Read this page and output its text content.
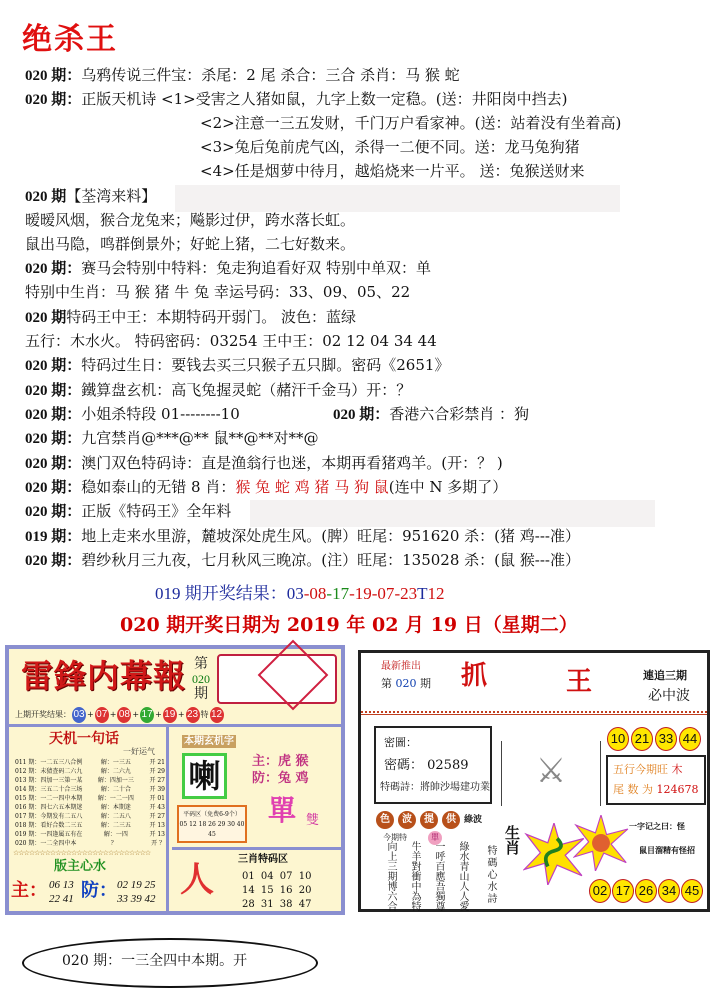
绝杀王
020 期：乌鸦传说三件宝：杀尾：2 尾 杀合：三合 杀肖：马 猴 蛇
020 期：正版天机诗 <1>受害之人猪如鼠，九字上数一定稳。(送：井阳岗中挡去)
<2>注意一三五发财，千门万户看家神。(送：站着没有坐着高)
<3>兔后兔前虎气凶，杀得一二便不同。送：龙马兔狗猪
<4>任是烟萝中待月，越焰烧来一片平。 送：兔猴送财来
020 期【荃湾来料】
暧暧风烟，猴合龙兔来；飚影过伊，跨水落长虹。
鼠出马隐，鸣群倒景外；好蛇上猪，二七好数来。
020 期：赛马会特别中特料：兔走狗追看好双 特别中单双：单
特别中生肖：马 猴 猪 牛 兔 幸运号码：33、09、05、22
020 期特码王中王：本期特码开弱门。 波色：蓝绿
五行：木水火。 特码密码：03254 王中王：02 12 04 34 44
020 期：特码过生日：要钱去买三只猴子五只脚。密码《2651》
020 期：鐵算盘玄机：高飞兔握灵蛇（赭汗千金马）开：？
020 期：小姐杀特段 01--------10
020 期：九宫禁肖@***@** 鼠**@**对**@
020 期：澳门双色特码诗：直是渔翁行也迷，本期再看猪鸡羊。(开：？ )
020 期：稳如泰山的无错 8 肖：猴 兔 蛇 鸡 猪 马 狗 鼠(连中 N 多期了）
020 期：正版《特码王》全年料
019 期：地上走来水里游，麓坡深处虎生风。(脾）旺尾：951620 杀：(猪 鸡---准）
020 期：碧纱秋月三九夜，七月秋风三晚凉。(注）旺尾：135028 杀：(鼠 猴---准）
020 期：香港六合彩禁肖 ：狗
019 期开奖结果：03-08-17-19-07-23T12
020 期开奖日期为 2019 年 02 月 19 日（星期二）
雷鋒内幕報 第
020
期
上期开奖结果： 03 + 07 + 08 + 17 + 19 + 23 特 12
天机一句话
一好运气
011 期：一二五三八合例	解：一三五	开 21
012 期：未猜查码二六九	解：二六九	开 29
013 期：四加一三第一某	解：四加一三	开 27
014 期：三五二十合三场	解：二十合	开 39
015 期：一二一四中本期	解：一二一四	开 01
016 期：四七六五本期迷	解：本期迷	开 43
017 期：今期发有二五八	解：二五八	开 27
018 期：看好合数二三五	解：二三五	开 13
019 期：一四逢属五有在	解：一四	开 13
020 期：一二全四中本	？	开 ？
☆☆☆☆☆☆☆☆☆☆☆☆☆☆☆☆☆☆☆☆☆☆☆☆☆☆
版主心水
主： 06 13 22 41 防： 02 19 25 33 39 42
本期玄机字
喇	主：虎 猴
防：兔 鸡
平码区（免费6-9个）
05 12 18 26 29 30 40 45
單 雙
人
三肖特码区
01 04 07 10
14 15 16 20
28 31 38 47
最新推出
第 020 期 抓	王	連追三期
必中波
密圖：
密碼： 02589
特碼詩：將帥沙場建功業	⚔
10 21 33 44
五行今期旺 木
尾 数 为 124678
色	波	提	供 綠波
今期特	單
向上三期博六合 牛羊對衝中為特 一呼百應吾獨尊 綠水青山人人愛 特碼心水詩
生肖	一字记之曰：怪
鼠目溜精有怪招
02 17 26 34 45
020 期：一三全四中本期。开
